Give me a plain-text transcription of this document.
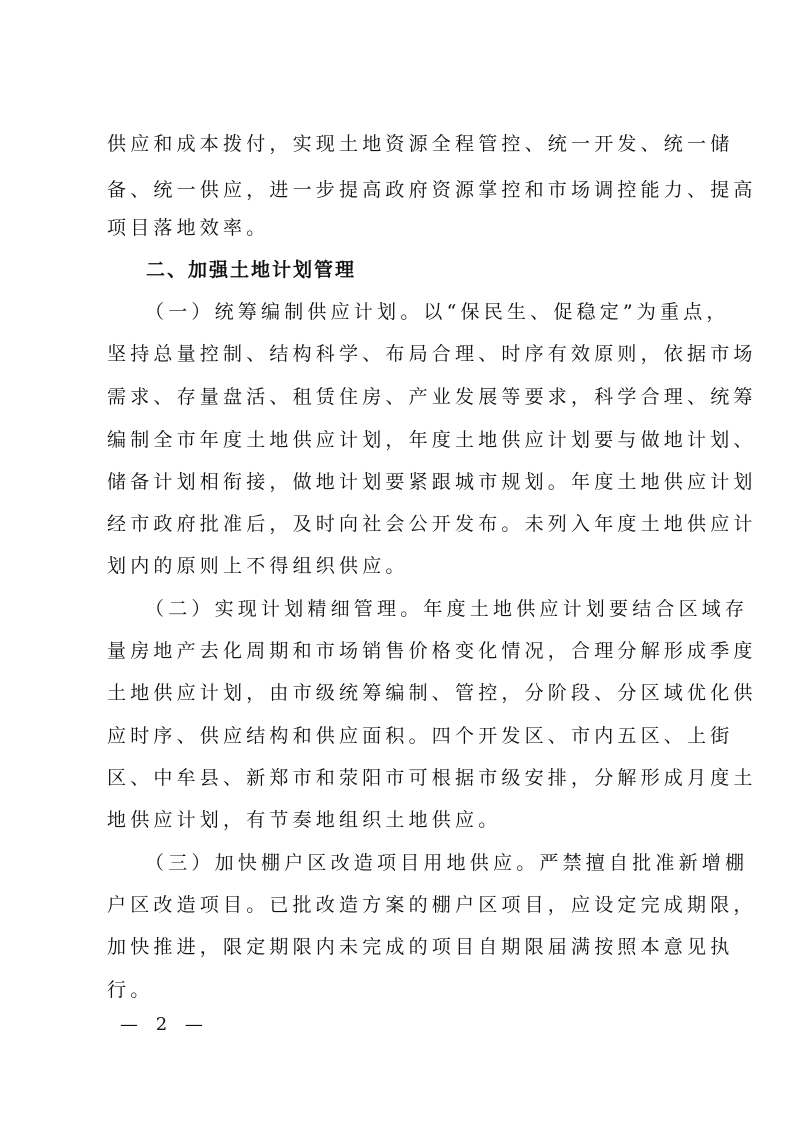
供应和成本拨付，实现土地资源全程管控、统一开发、统一储
备、统一供应，进一步提高政府资源掌控和市场调控能力、提高
项目落地效率。
二、加强土地计划管理
（一）统筹编制供应计划。以“保民生、促稳定”为重点，
坚持总量控制、结构科学、布局合理、时序有效原则，依据市场
需求、存量盘活、租赁住房、产业发展等要求，科学合理、统筹
编制全市年度土地供应计划，年度土地供应计划要与做地计划、
储备计划相衔接，做地计划要紧跟城市规划。年度土地供应计划
经市政府批准后，及时向社会公开发布。未列入年度土地供应计
划内的原则上不得组织供应。
（二）实现计划精细管理。年度土地供应计划要结合区域存
量房地产去化周期和市场销售价格变化情况，合理分解形成季度
土地供应计划，由市级统筹编制、管控，分阶段、分区域优化供
应时序、供应结构和供应面积。四个开发区、市内五区、上街
区、中牟县、新郑市和荥阳市可根据市级安排，分解形成月度土
地供应计划，有节奏地组织土地供应。
（三）加快棚户区改造项目用地供应。严禁擅自批准新增棚
户区改造项目。已批改造方案的棚户区项目，应设定完成期限，
加快推进，限定期限内未完成的项目自期限届满按照本意见执
行。
— 2 —
